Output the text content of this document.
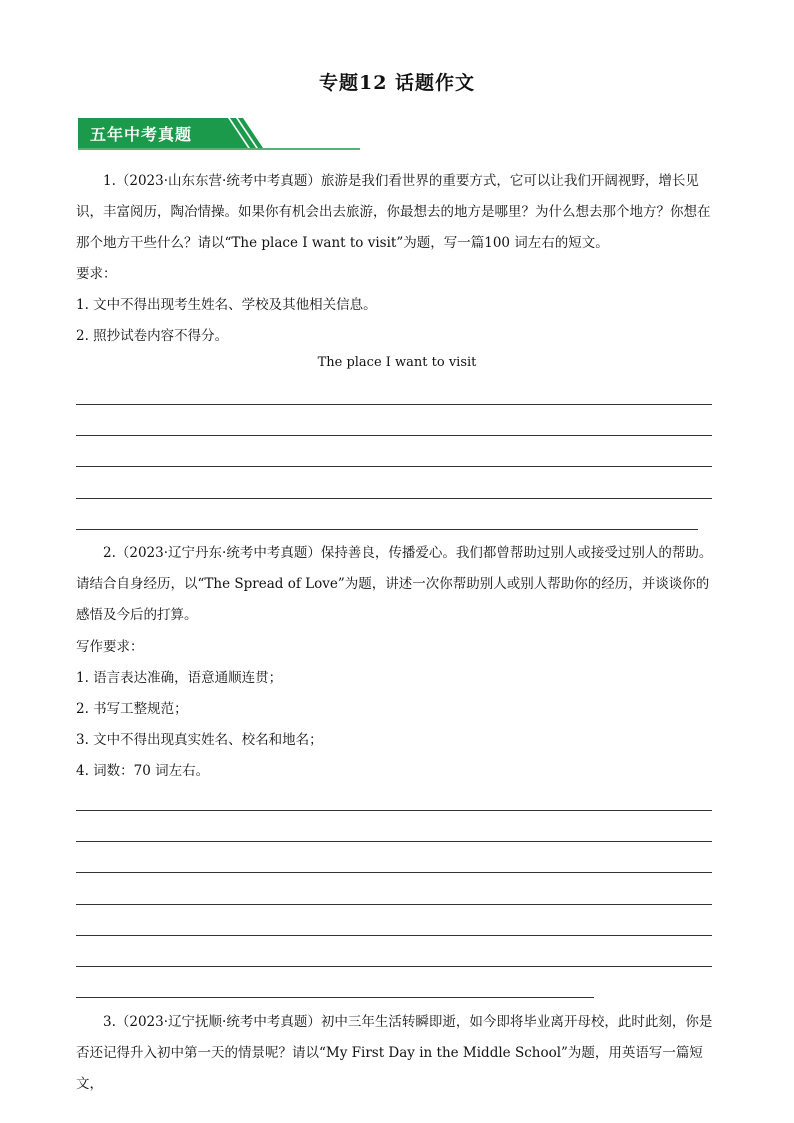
专题12 话题作文
五年中考真题

1.（2023·山东东营·统考中考真题）旅游是我们看世界的重要方式，它可以让我们开阔视野，增长见识，丰富阅历，陶冶情操。如果你有机会出去旅游，你最想去的地方是哪里？为什么想去那个地方？你想在那个地方干些什么？请以“The place I want to visit”为题，写一篇100 词左右的短文。

要求：

1. 文中不得出现考生姓名、学校及其他相关信息。

2. 照抄试卷内容不得分。

The place I want to visit

2.（2023·辽宁丹东·统考中考真题）保持善良，传播爱心。我们都曾帮助过别人或接受过别人的帮助。请结合自身经历，以“The Spread of Love”为题，讲述一次你帮助别人或别人帮助你的经历，并谈谈你的感悟及今后的打算。

写作要求：

1. 语言表达准确，语意通顺连贯；

2. 书写工整规范；

3. 文中不得出现真实姓名、校名和地名；

4. 词数：70 词左右。

3.（2023·辽宁抚顺·统考中考真题）初中三年生活转瞬即逝，如今即将毕业离开母校，此时此刻，你是否还记得升入初中第一天的情景呢？请以“My First Day in the Middle School”为题，用英语写一篇短文，
